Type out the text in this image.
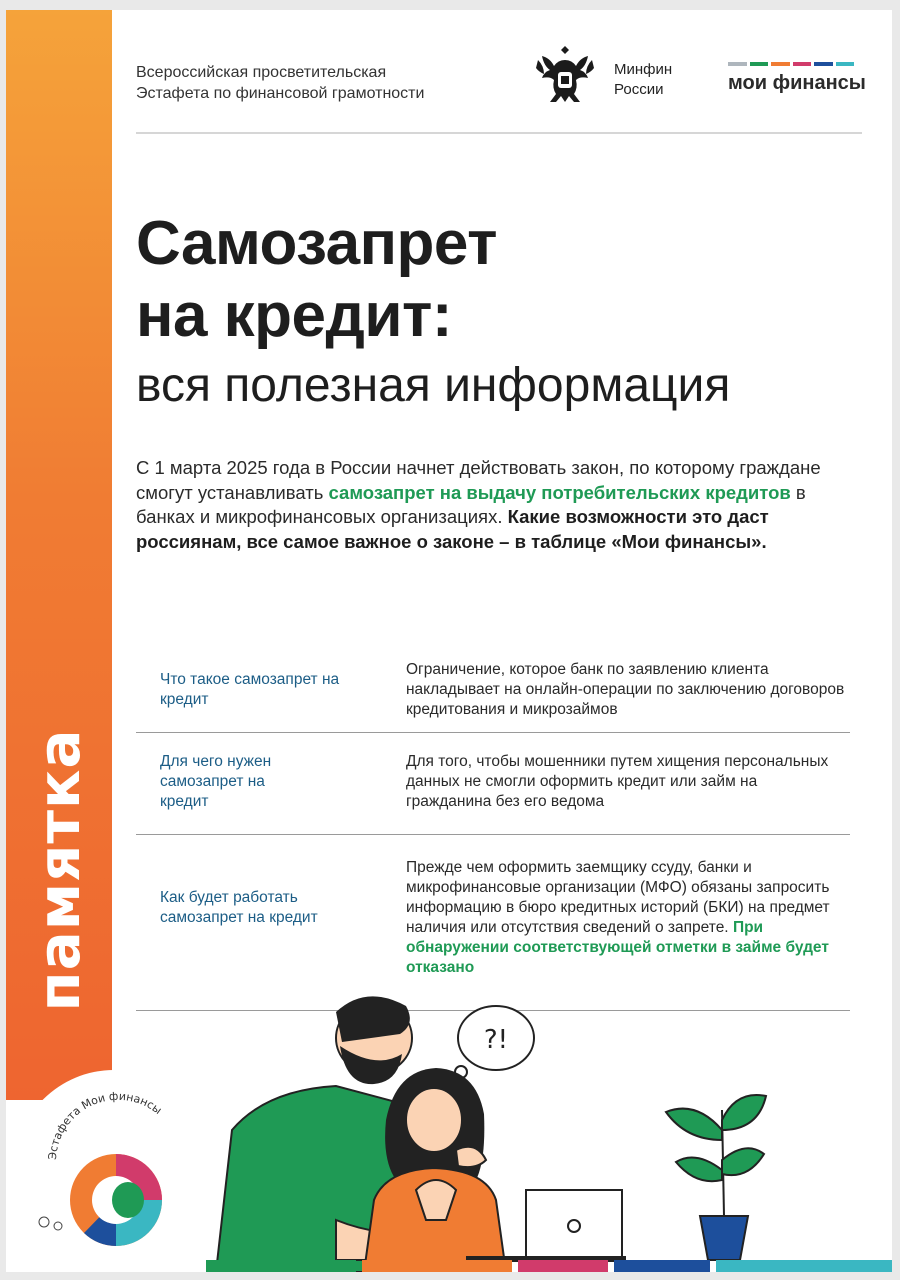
памятка
Всероссийская просветительская
Эстафета по финансовой грамотности
Минфин
России	мои финансы
Самозапрет
на кредит:
вся полезная информация
С 1 марта 2025 года в России начнет действовать закон, по которому граждане смогут устанавливать самозапрет на выдачу потребительских кредитов в банках и микрофинансовых организациях. Какие возможности это даст россиянам, все самое важное о законе – в таблице «Мои финансы».
Что такое самозапрет на кредит
Ограничение, которое банк по заявлению клиента накладывает на онлайн-операции по заключению договоров кредитования и микрозаймов
Для чего нужен самозапрет на кредит
Для того, чтобы мошенники путем хищения персональных данных не смогли оформить кредит или займ на гражданина без его ведома
Как будет работать самозапрет на кредит
Прежде чем оформить заемщику ссуду, банки и микрофинансовые организации (МФО) обязаны запросить информацию в бюро кредитных историй (БКИ) на предмет наличия или отсутствия сведений о запрете. При обнаружении соответствующей отметки в займе будет отказано
Эстафета Мои финансы
?!
